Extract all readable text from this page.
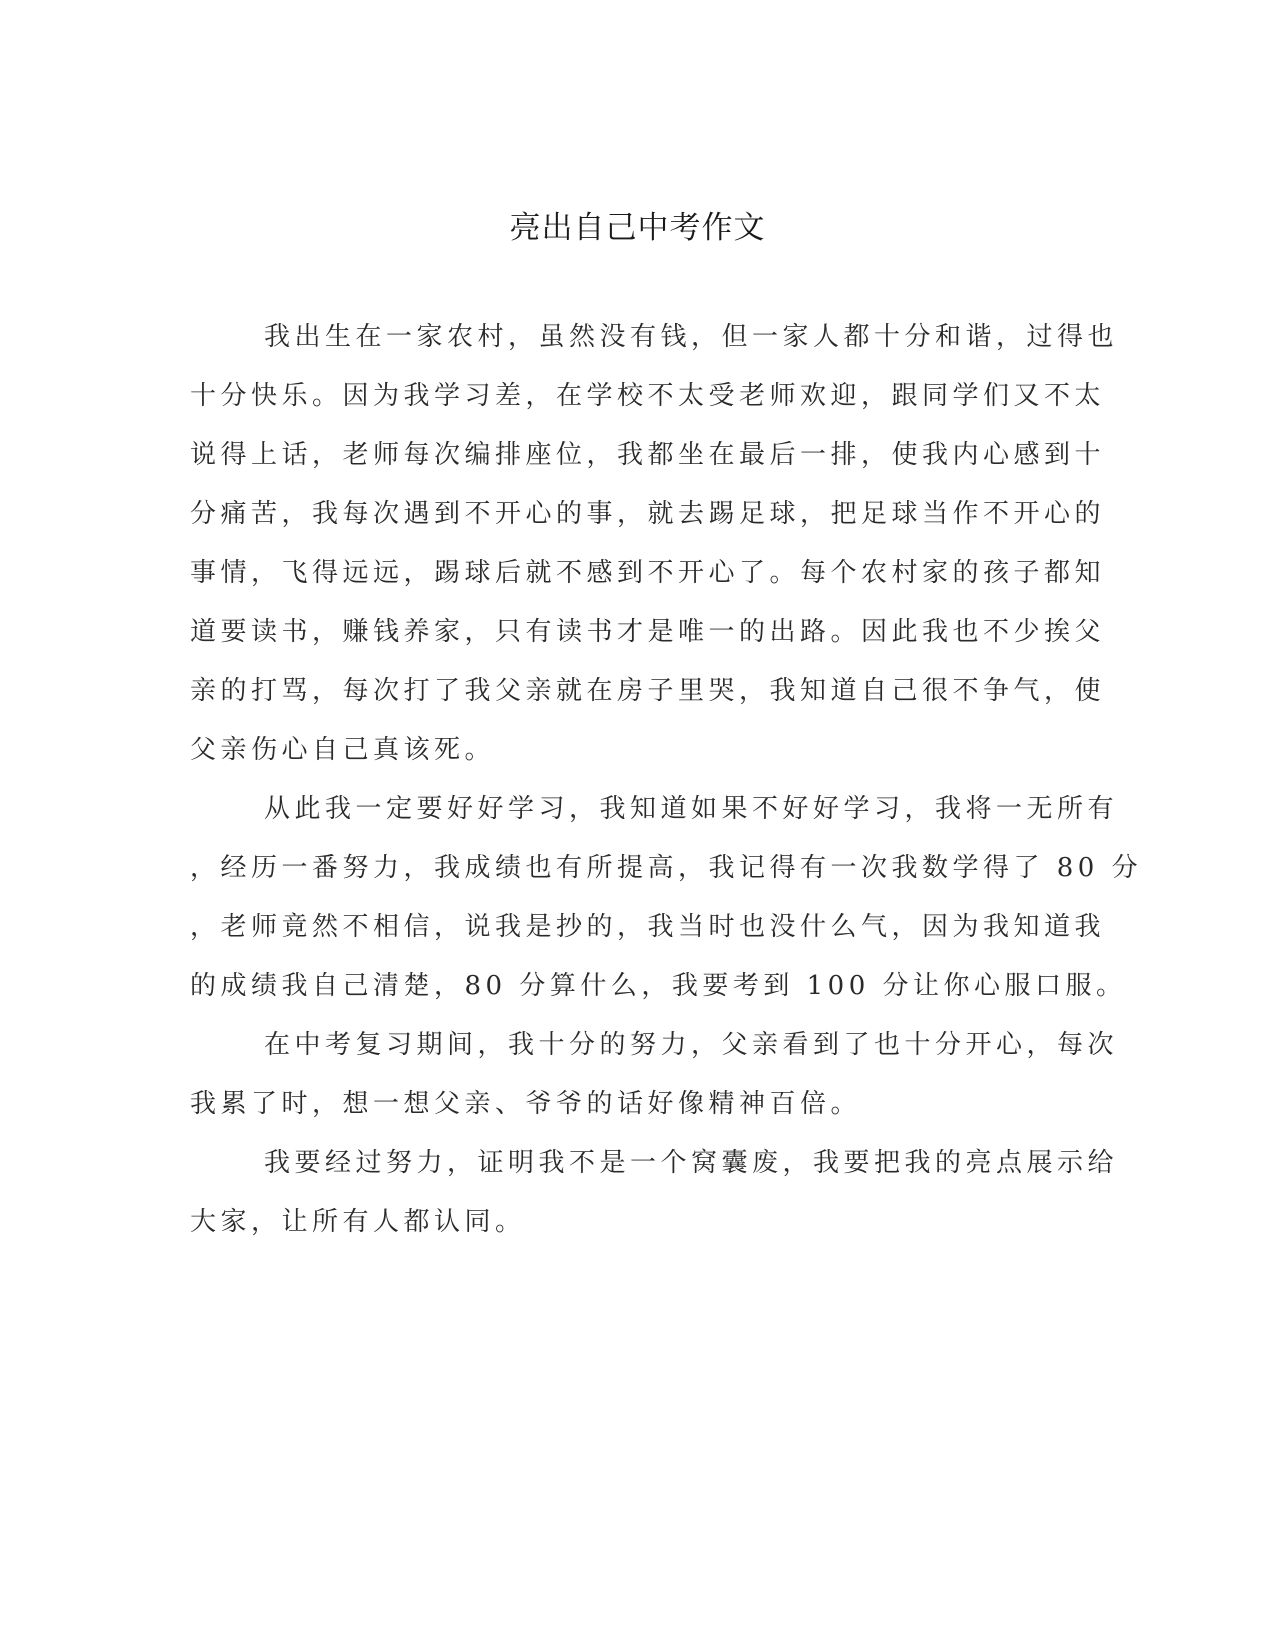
亮出自己中考作文
我出生在一家农村，虽然没有钱，但一家人都十分和谐，过得也
十分快乐。因为我学习差，在学校不太受老师欢迎，跟同学们又不太
说得上话，老师每次编排座位，我都坐在最后一排，使我内心感到十
分痛苦，我每次遇到不开心的事，就去踢足球，把足球当作不开心的
事情，飞得远远，踢球后就不感到不开心了。每个农村家的孩子都知
道要读书，赚钱养家，只有读书才是唯一的出路。因此我也不少挨父
亲的打骂，每次打了我父亲就在房子里哭，我知道自己很不争气，使
父亲伤心自己真该死。
从此我一定要好好学习，我知道如果不好好学习，我将一无所有
，经历一番努力，我成绩也有所提高，我记得有一次我数学得了 80 分
，老师竟然不相信，说我是抄的，我当时也没什么气，因为我知道我
的成绩我自己清楚，80 分算什么，我要考到 100 分让你心服口服。
在中考复习期间，我十分的努力，父亲看到了也十分开心，每次
我累了时，想一想父亲、爷爷的话好像精神百倍。
我要经过努力，证明我不是一个窝囊废，我要把我的亮点展示给
大家，让所有人都认同。
